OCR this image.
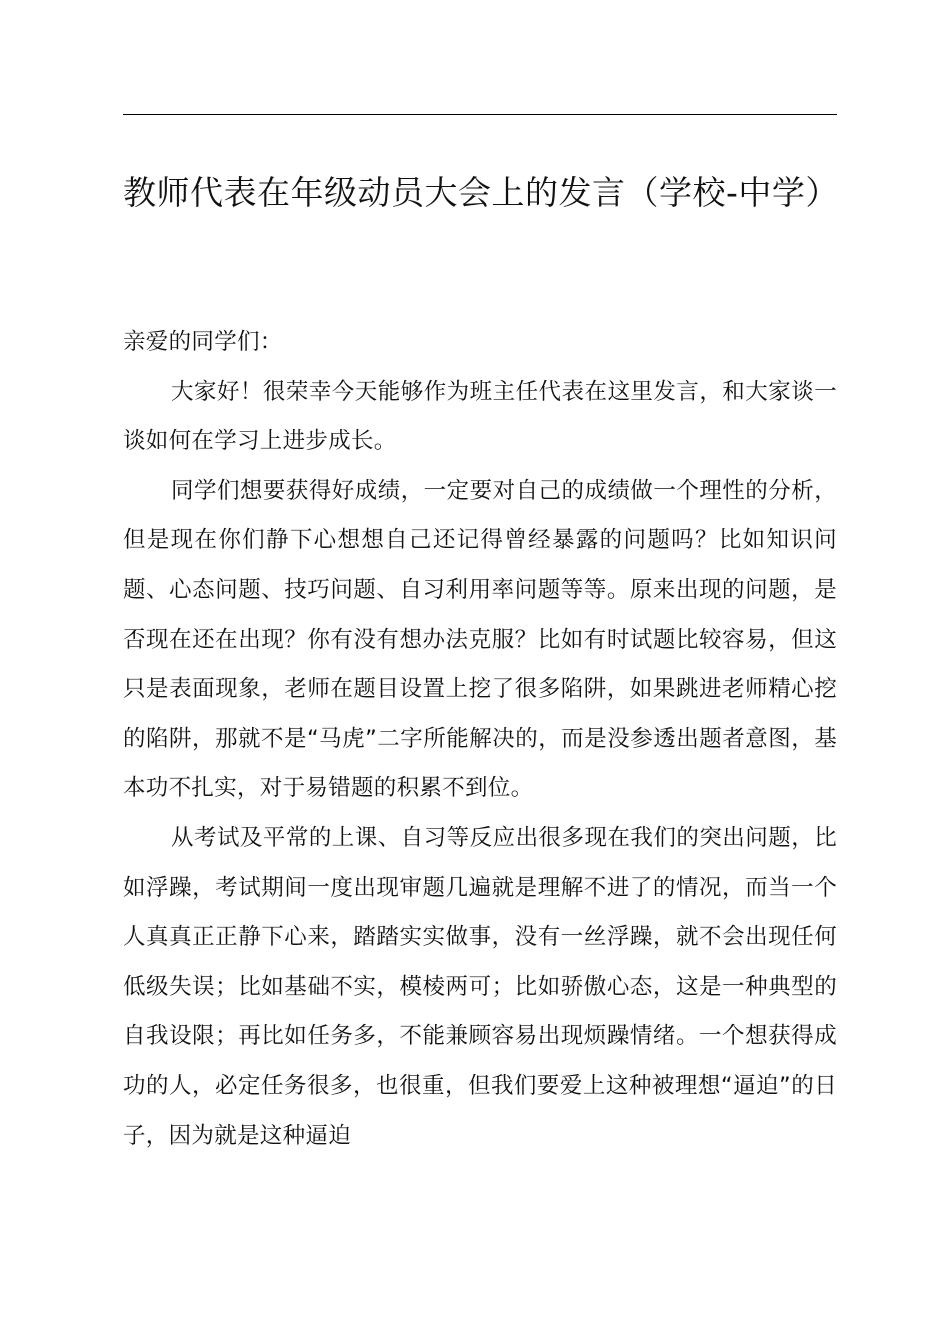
教师代表在年级动员大会上的发言（学校-中学）

亲爱的同学们：

大家好！很荣幸今天能够作为班主任代表在这里发言，和大家谈一谈如何在学习上进步成长。

同学们想要获得好成绩，一定要对自己的成绩做一个理性的分析，但是现在你们静下心想想自己还记得曾经暴露的问题吗？比如知识问题、心态问题、技巧问题、自习利用率问题等等。原来出现的问题，是否现在还在出现？你有没有想办法克服？比如有时试题比较容易，但这只是表面现象，老师在题目设置上挖了很多陷阱，如果跳进老师精心挖的陷阱，那就不是“马虎”二字所能解决的，而是没参透出题者意图，基本功不扎实，对于易错题的积累不到位。

从考试及平常的上课、自习等反应出很多现在我们的突出问题，比如浮躁，考试期间一度出现审题几遍就是理解不进了的情况，而当一个人真真正正静下心来，踏踏实实做事，没有一丝浮躁，就不会出现任何低级失误；比如基础不实，模棱两可；比如骄傲心态，这是一种典型的自我设限；再比如任务多，不能兼顾容易出现烦躁情绪。一个想获得成功的人，必定任务很多，也很重，但我们要爱上这种被理想“逼迫”的日子，因为就是这种逼迫
